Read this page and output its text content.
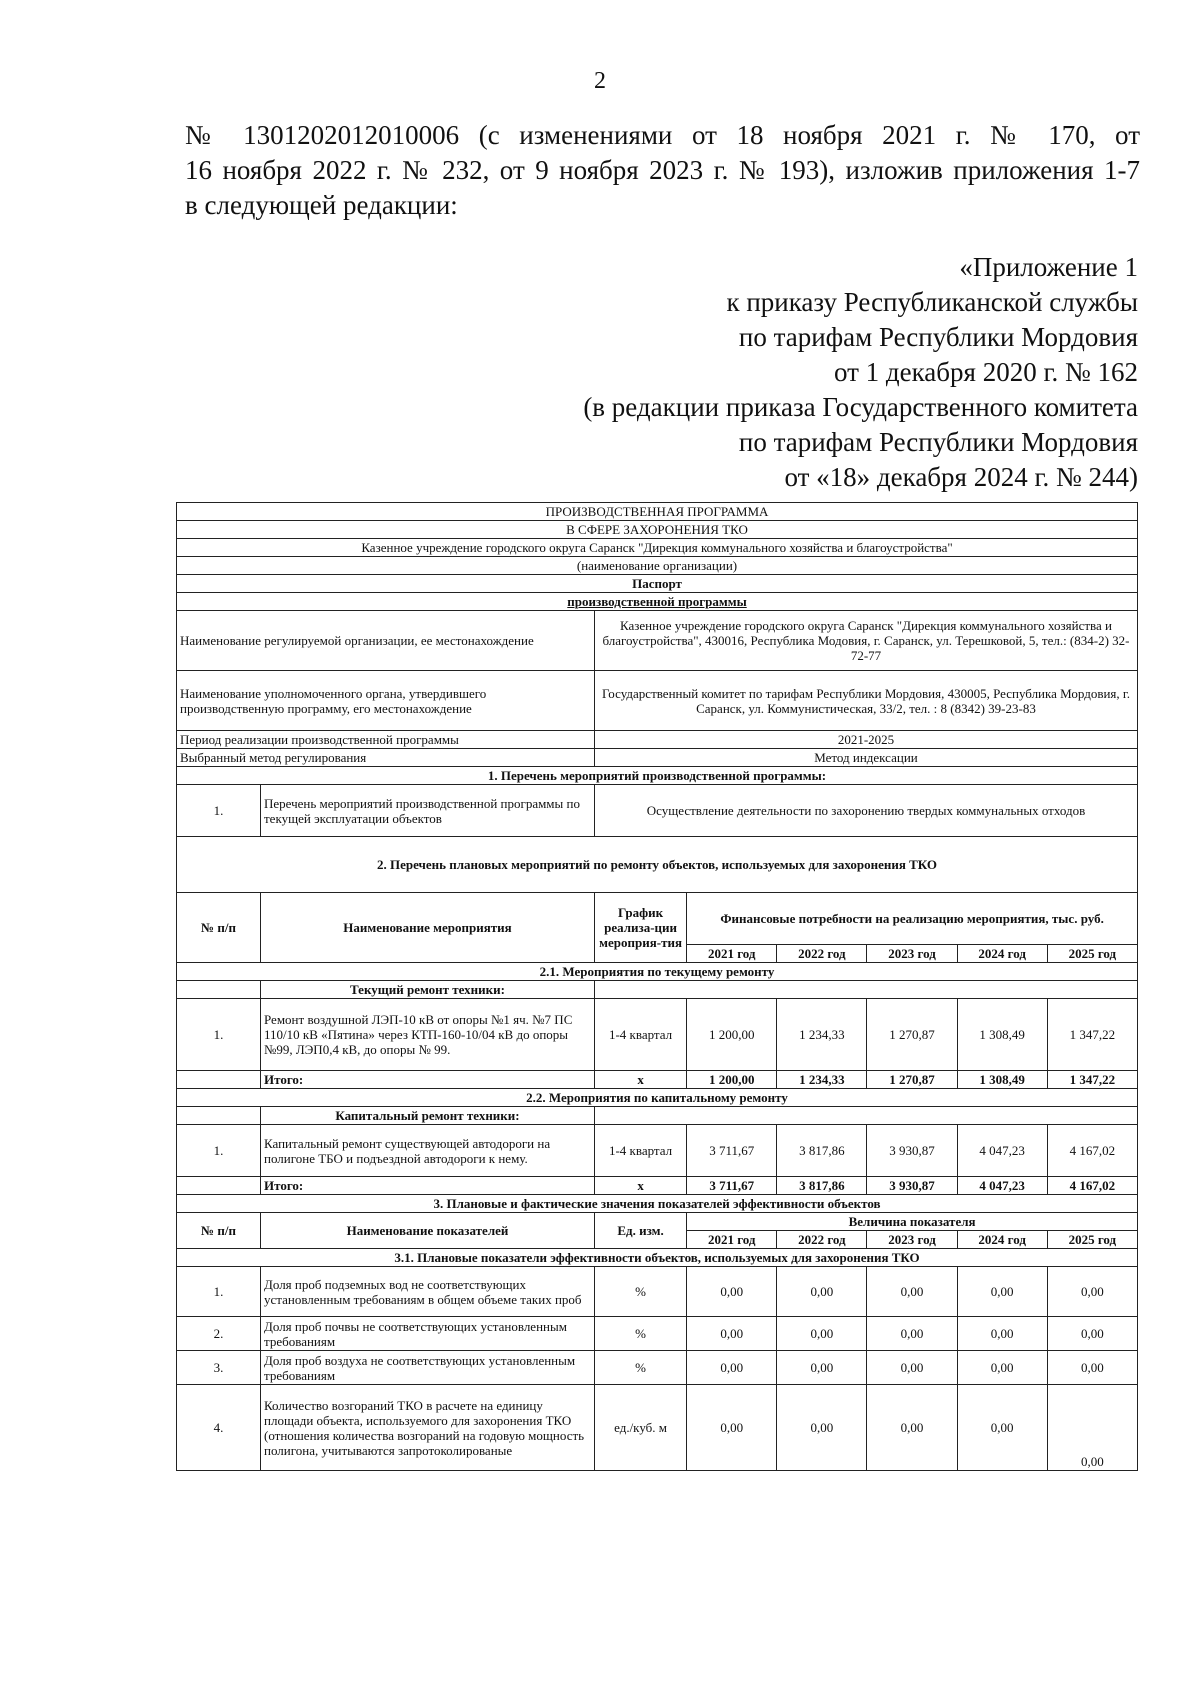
2
№ 1301202012010006 (с изменениями от 18 ноября 2021 г. № 170, от
16 ноября 2022 г. № 232, от 9 ноября 2023 г. № 193), изложив приложения 1-7
в следующей редакции:
«Приложение 1
к приказу Республиканской службы
по тарифам Республики Мордовия
от 1 декабря 2020 г. № 162
(в редакции приказа Государственного комитета
по тарифам Республики Мордовия
от «18» декабря 2024 г. № 244)
ПРОИЗВОДСТВЕННАЯ ПРОГРАММА							
В СФЕРЕ ЗАХОРОНЕНИЯ ТКО							
Казенное учреждение городского округа Саранск "Дирекция коммунального хозяйства и благоустройства"							
(наименование организации)							
Паспорт							
производственной программы							
Наименование регулируемой организации, ее местонахождение		Казенное учреждение городского округа Саранск "Дирекция коммунального хозяйства и благоустройства", 430016, Республика Модовия, г. Саранск, ул. Терешковой, 5, тел.: (834-2) 32-72-77					
Наименование уполномоченного органа, утвердившего производственную программу, его местонахождение		Государственный комитет по тарифам Республики Мордовия, 430005, Республика Мордовия, г. Саранск, ул. Коммунистическая, 33/2, тел. : 8 (8342) 39-23-83					
Период реализации производственной программы		2021-2025					
Выбранный метод регулирования		Метод индексации					
1. Перечень мероприятий производственной программы:							
1.	Перечень мероприятий производственной программы по текущей эксплуатации объектов	Осуществление деятельности по захоронению твердых коммунальных отходов					
2. Перечень плановых мероприятий по ремонту объектов, используемых для захоронения ТКО							
№ п/п	Наименование мероприятия	График реализа-ции мероприя-тия	Финансовые потребности на реализацию мероприятия, тыс. руб.				
			2021 год	2022 год	2023 год	2024 год	2025 год
2.1. Мероприятия по текущему ремонту							
	Текущий ремонт техники:						
1.	Ремонт воздушной ЛЭП-10 кВ от опоры №1 яч. №7 ПС 110/10 кВ «Пятина» через КТП-160-10/04 кВ до опоры №99, ЛЭП0,4 кВ, до опоры № 99.	1-4 квартал	1 200,00	1 234,33	1 270,87	1 308,49	1 347,22
	Итого:	х	1 200,00	1 234,33	1 270,87	1 308,49	1 347,22
2.2. Мероприятия по капитальному ремонту							
	Капитальный ремонт техники:						
1.	Капитальный ремонт существующей автодороги на полигоне ТБО и подъездной автодороги к нему.	1-4 квартал	3 711,67	3 817,86	3 930,87	4 047,23	4 167,02
	Итого:	х	3 711,67	3 817,86	3 930,87	4 047,23	4 167,02
3. Плановые и фактические значения показателей эффективности объектов							
№ п/п	Наименование показателей	Ед. изм.	Величина показателя				
			2021 год	2022 год	2023 год	2024 год	2025 год
3.1. Плановые показатели эффективности объектов, используемых для захоронения ТКО							
1.	Доля проб подземных вод не соответствующих установленным требованиям в общем объеме таких проб	%	0,00	0,00	0,00	0,00	0,00
2.	Доля проб почвы не соответствующих установленным требованиям	%	0,00	0,00	0,00	0,00	0,00
3.	Доля проб воздуха не соответствующих установленным требованиям	%	0,00	0,00	0,00	0,00	0,00
4.	Количество возгораний ТКО в расчете на единицу площади объекта, используемого для захоронения ТКО (отношения количества возгораний на годовую мощность полигона, учитываются запротоколированые	ед./куб. м	0,00	0,00	0,00	0,00	0,00
